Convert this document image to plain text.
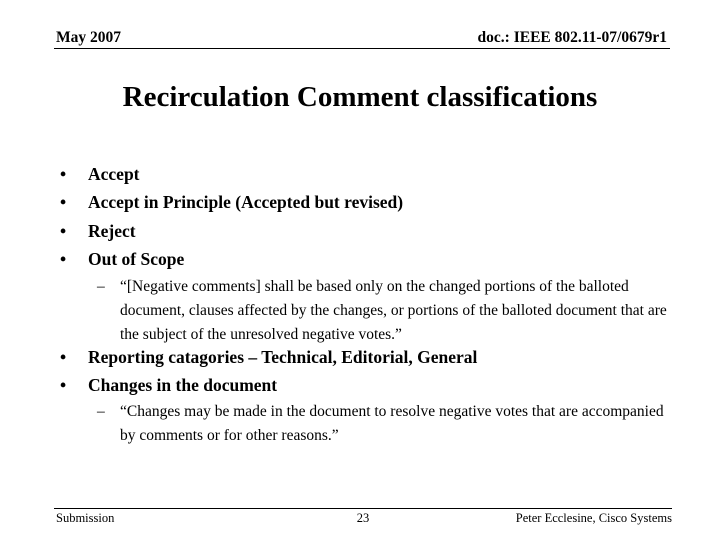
May 2007	doc.: IEEE 802.11-07/0679r1
Recirculation Comment classifications
• Accept
• Accept in Principle (Accepted but revised)
• Reject
• Out of Scope
– “[Negative comments] shall be based only on the changed portions of the balloted document, clauses affected by the changes, or portions of the balloted document that are the subject of the unresolved negative votes.”
• Reporting catagories – Technical, Editorial, General
• Changes in the document
– “Changes may be made in the document to resolve negative votes that are accompanied by comments or for other reasons.”
Submission	23	Peter Ecclesine, Cisco Systems
